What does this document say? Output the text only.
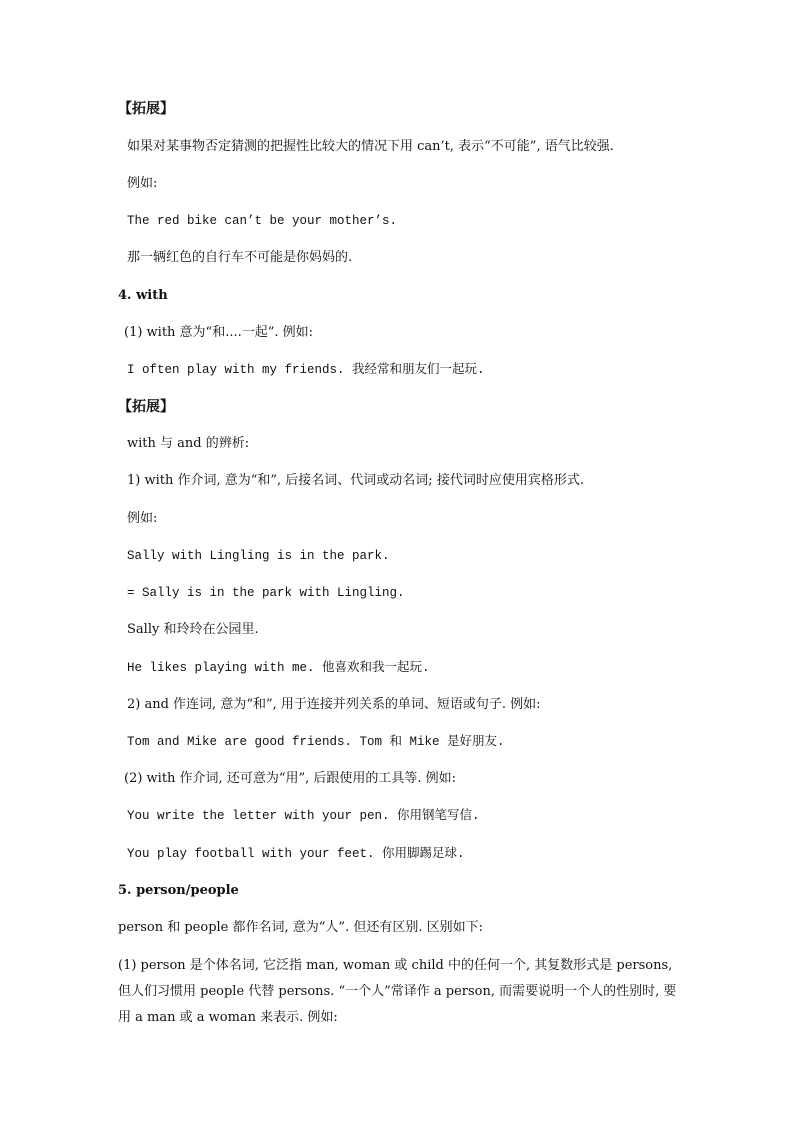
【拓展】
如果对某事物否定猜测的把握性比较大的情况下用 can’t, 表示“不可能”, 语气比较强.
例如:
The red bike can’t be your mother’s.
那一辆红色的自行车不可能是你妈妈的.
4. with
(1) with 意为“和....一起”. 例如:
I often play with my friends. 我经常和朋友们一起玩.
【拓展】
with 与 and 的辨析:
1) with 作介词, 意为“和”, 后接名词、代词或动名词; 接代词时应使用宾格形式.
例如:
Sally with Lingling is in the park.
= Sally is in the park with Lingling.
Sally 和玲玲在公园里.
He likes playing with me. 他喜欢和我一起玩.
2) and 作连词, 意为“和”, 用于连接并列关系的单词、短语或句子. 例如:
Tom and Mike are good friends. Tom 和 Mike 是好朋友.
(2) with 作介词, 还可意为“用”, 后跟使用的工具等. 例如:
You write the letter with your pen. 你用钢笔写信.
You play football with your feet. 你用脚踢足球.
5. person/people
person 和 people 都作名词, 意为“人”. 但还有区别. 区别如下:
(1) person 是个体名词, 它泛指 man, woman 或 child 中的任何一个, 其复数形式是 persons, 但人们习惯用 people 代替 persons. “一个人”常译作 a person, 而需要说明一个人的性别时, 要用 a man 或 a woman 来表示. 例如:
